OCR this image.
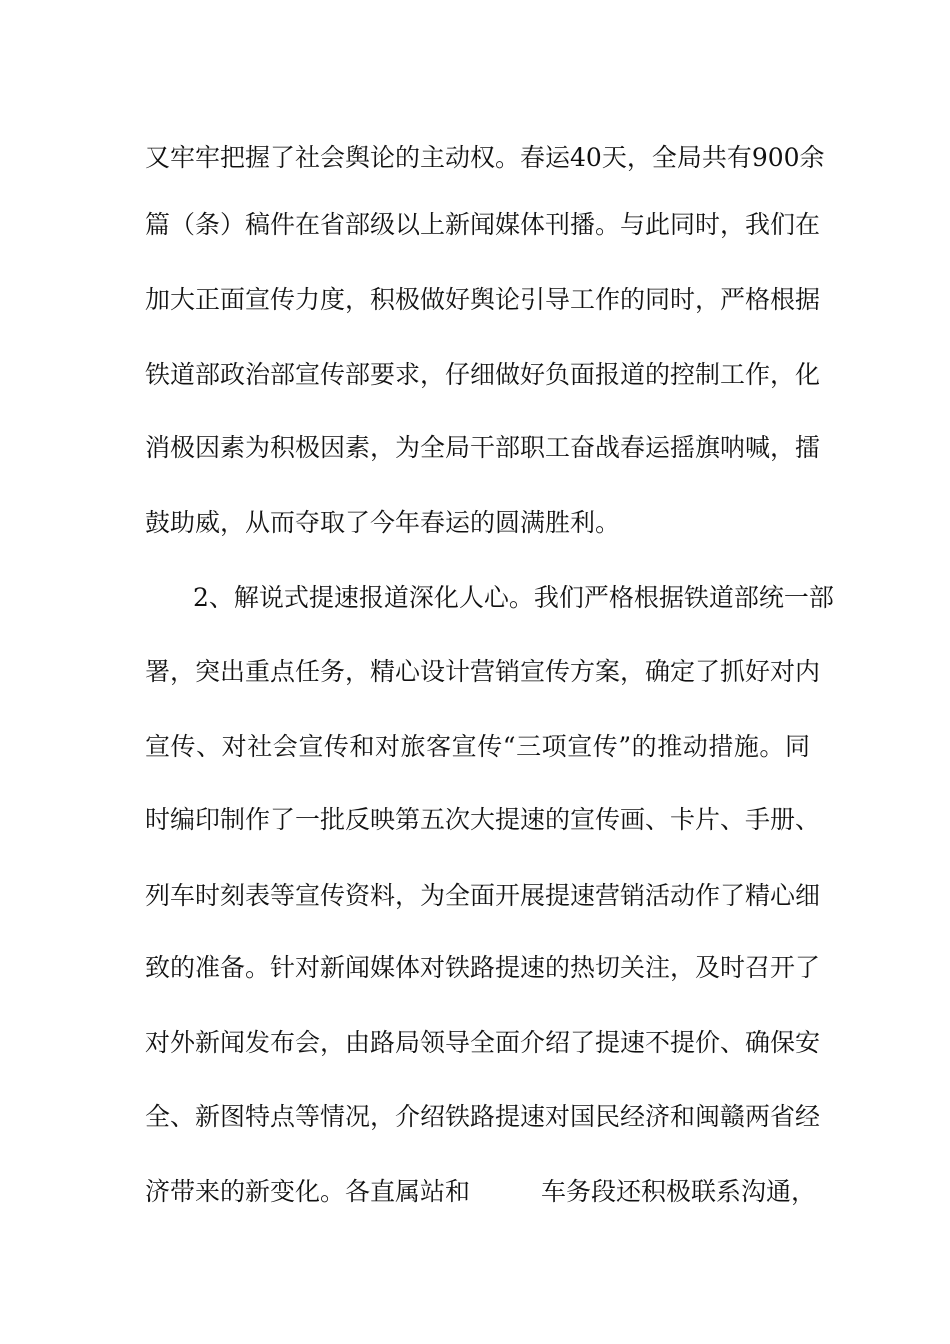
又牢牢把握了社会舆论的主动权。春运40天，全局共有900余
篇（条）稿件在省部级以上新闻媒体刊播。与此同时，我们在
加大正面宣传力度，积极做好舆论引导工作的同时，严格根据
铁道部政治部宣传部要求，仔细做好负面报道的控制工作，化
消极因素为积极因素，为全局干部职工奋战春运摇旗呐喊，擂
鼓助威，从而夺取了今年春运的圆满胜利。
2、解说式提速报道深化人心。我们严格根据铁道部统一部
署，突出重点任务，精心设计营销宣传方案，确定了抓好对内
宣传、对社会宣传和对旅客宣传“三项宣传”的推动措施。同
时编印制作了一批反映第五次大提速的宣传画、卡片、手册、
列车时刻表等宣传资料，为全面开展提速营销活动作了精心细
致的准备。针对新闻媒体对铁路提速的热切关注，及时召开了
对外新闻发布会，由路局领导全面介绍了提速不提价、确保安
全、新图特点等情况，介绍铁路提速对国民经济和闽赣两省经
济带来的新变化。各直属站和	车务段还积极联系沟通，
